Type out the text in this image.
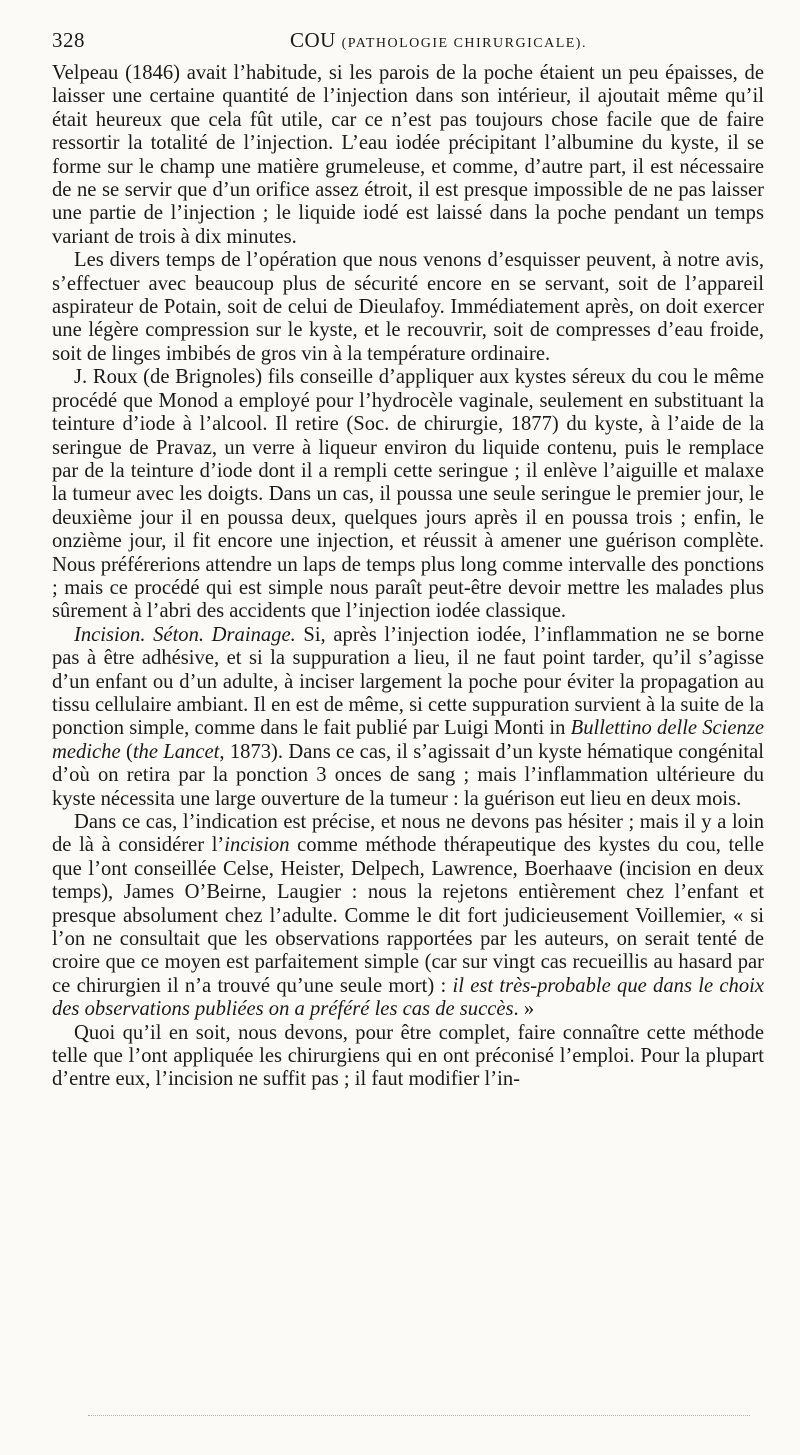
328	COU (PATHOLOGIE CHIRURGICALE).

Velpeau (1846) avait l’habitude, si les parois de la poche étaient un peu épaisses, de laisser une certaine quantité de l’injection dans son intérieur, il ajoutait même qu’il était heureux que cela fût utile, car ce n’est pas toujours chose facile que de faire ressortir la totalité de l’injection. L’eau iodée précipitant l’albumine du kyste, il se forme sur le champ une matière grumeleuse, et comme, d’autre part, il est nécessaire de ne se servir que d’un orifice assez étroit, il est presque impossible de ne pas laisser une partie de l’injection ; le liquide iodé est laissé dans la poche pendant un temps variant de trois à dix minutes.

Les divers temps de l’opération que nous venons d’esquisser peuvent, à notre avis, s’effectuer avec beaucoup plus de sécurité encore en se servant, soit de l’appareil aspirateur de Potain, soit de celui de Dieulafoy. Immédiatement après, on doit exercer une légère compression sur le kyste, et le recouvrir, soit de compresses d’eau froide, soit de linges imbibés de gros vin à la température ordinaire.

J. Roux (de Brignoles) fils conseille d’appliquer aux kystes séreux du cou le même procédé que Monod a employé pour l’hydrocèle vaginale, seulement en substituant la teinture d’iode à l’alcool. Il retire (Soc. de chirurgie, 1877) du kyste, à l’aide de la seringue de Pravaz, un verre à liqueur environ du liquide contenu, puis le remplace par de la teinture d’iode dont il a rempli cette seringue ; il enlève l’aiguille et malaxe la tumeur avec les doigts. Dans un cas, il poussa une seule seringue le premier jour, le deuxième jour il en poussa deux, quelques jours après il en poussa trois ; enfin, le onzième jour, il fit encore une injection, et réussit à amener une guérison complète. Nous préférerions attendre un laps de temps plus long comme intervalle des ponctions ; mais ce procédé qui est simple nous paraît peut-être devoir mettre les malades plus sûrement à l’abri des accidents que l’injection iodée classique.

Incision. Séton. Drainage. Si, après l’injection iodée, l’inflammation ne se borne pas à être adhésive, et si la suppuration a lieu, il ne faut point tarder, qu’il s’agisse d’un enfant ou d’un adulte, à inciser largement la poche pour éviter la propagation au tissu cellulaire ambiant. Il en est de même, si cette suppuration survient à la suite de la ponction simple, comme dans le fait publié par Luigi Monti in Bullettino delle Scienze mediche (the Lancet, 1873). Dans ce cas, il s’agissait d’un kyste hématique congénital d’où on retira par la ponction 3 onces de sang ; mais l’inflammation ultérieure du kyste nécessita une large ouverture de la tumeur : la guérison eut lieu en deux mois.

Dans ce cas, l’indication est précise, et nous ne devons pas hésiter ; mais il y a loin de là à considérer l’incision comme méthode thérapeutique des kystes du cou, telle que l’ont conseillée Celse, Heister, Delpech, Lawrence, Boerhaave (incision en deux temps), James O’Beirne, Laugier : nous la rejetons entièrement chez l’enfant et presque absolument chez l’adulte. Comme le dit fort judicieusement Voillemier, « si l’on ne consultait que les observations rapportées par les auteurs, on serait tenté de croire que ce moyen est parfaitement simple (car sur vingt cas recueillis au hasard par ce chirurgien il n’a trouvé qu’une seule mort) : il est très-probable que dans le choix des observations publiées on a préféré les cas de succès. »

Quoi qu’il en soit, nous devons, pour être complet, faire connaître cette méthode telle que l’ont appliquée les chirurgiens qui en ont préconisé l’emploi. Pour la plupart d’entre eux, l’incision ne suffit pas ; il faut modifier l’in-
